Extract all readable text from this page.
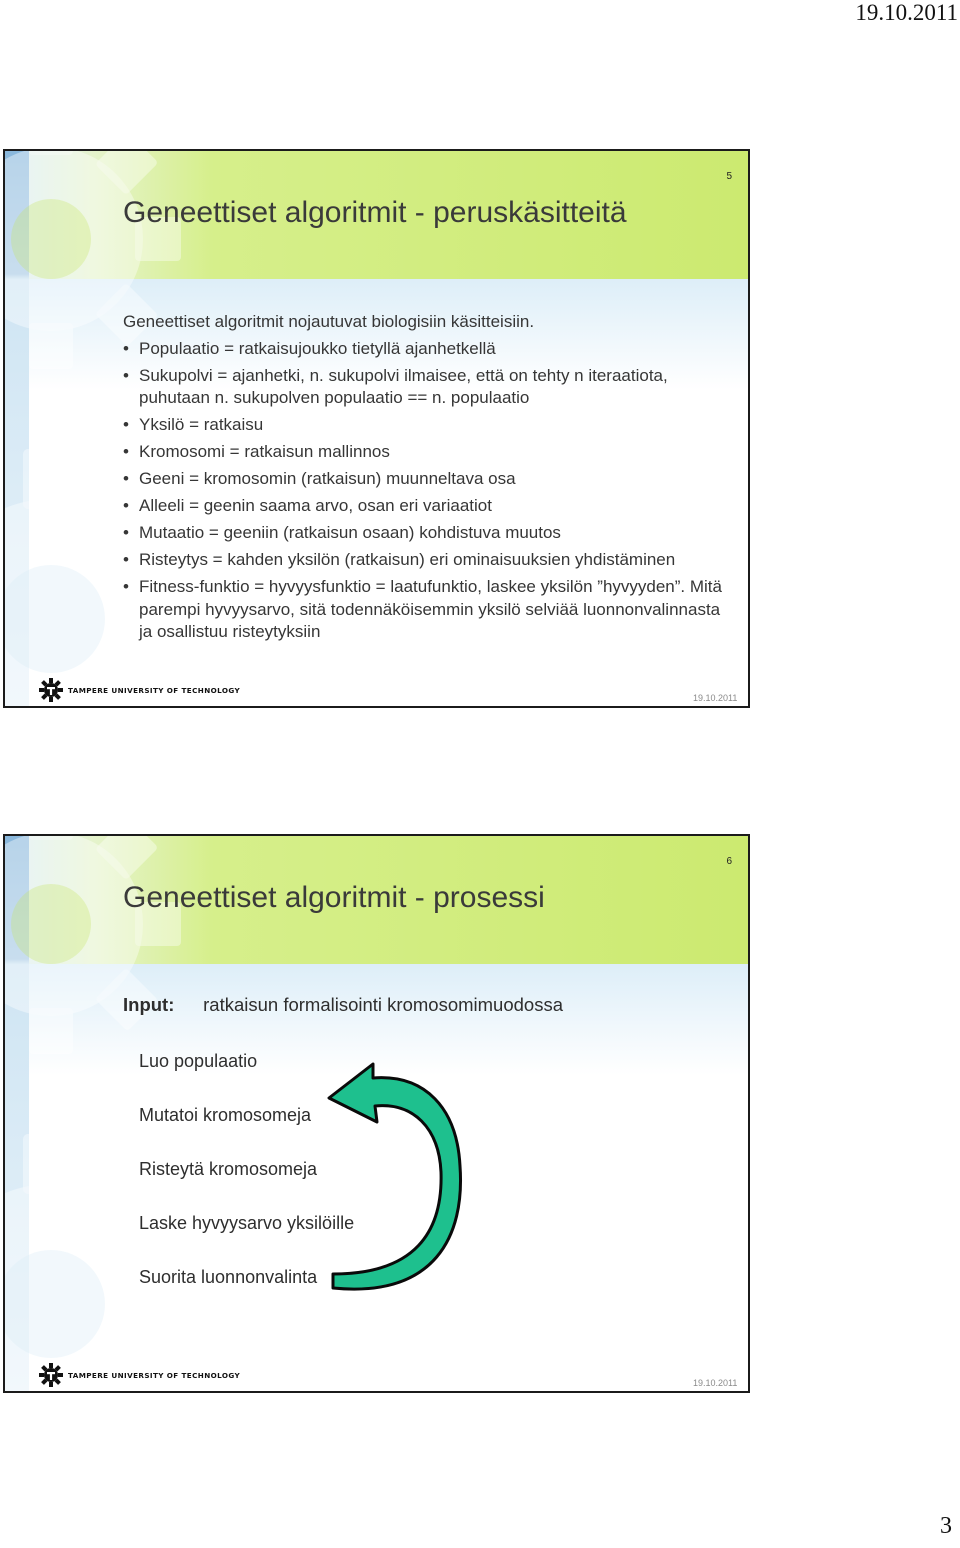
19.10.2011
5
Geneettiset algoritmit - peruskäsitteitä
Geneettiset algoritmit nojautuvat biologisiin käsitteisiin.
• Populaatio = ratkaisujoukko tietyllä ajanhetkellä
• Sukupolvi = ajanhetki, n. sukupolvi ilmaisee, että on tehty n iteraatiota, puhutaan n. sukupolven populaatio == n. populaatio
• Yksilö = ratkaisu
• Kromosomi = ratkaisun mallinnos
• Geeni = kromosomin (ratkaisun) muunneltava osa
• Alleeli = geenin saama arvo, osan eri variaatiot
• Mutaatio = geeniin (ratkaisun osaan) kohdistuva muutos
• Risteytys = kahden yksilön (ratkaisun) eri ominaisuuksien yhdistäminen
• Fitness-funktio = hyvyysfunktio = laatufunktio, laskee yksilön ”hyvyyden”. Mitä parempi hyvyysarvo, sitä todennäköisemmin yksilö selviää luonnonvalinnasta ja osallistuu risteytyksiin
TAMPERE UNIVERSITY OF TECHNOLOGY
19.10.2011
6
Geneettiset algoritmit - prosessi
Input: ratkaisun formalisointi kromosomimuodossa
Luo populaatio
Mutatoi kromosomeja
Risteytä kromosomeja
Laske hyvyysarvo yksilöille
Suorita luonnonvalinta
TAMPERE UNIVERSITY OF TECHNOLOGY
19.10.2011
3
